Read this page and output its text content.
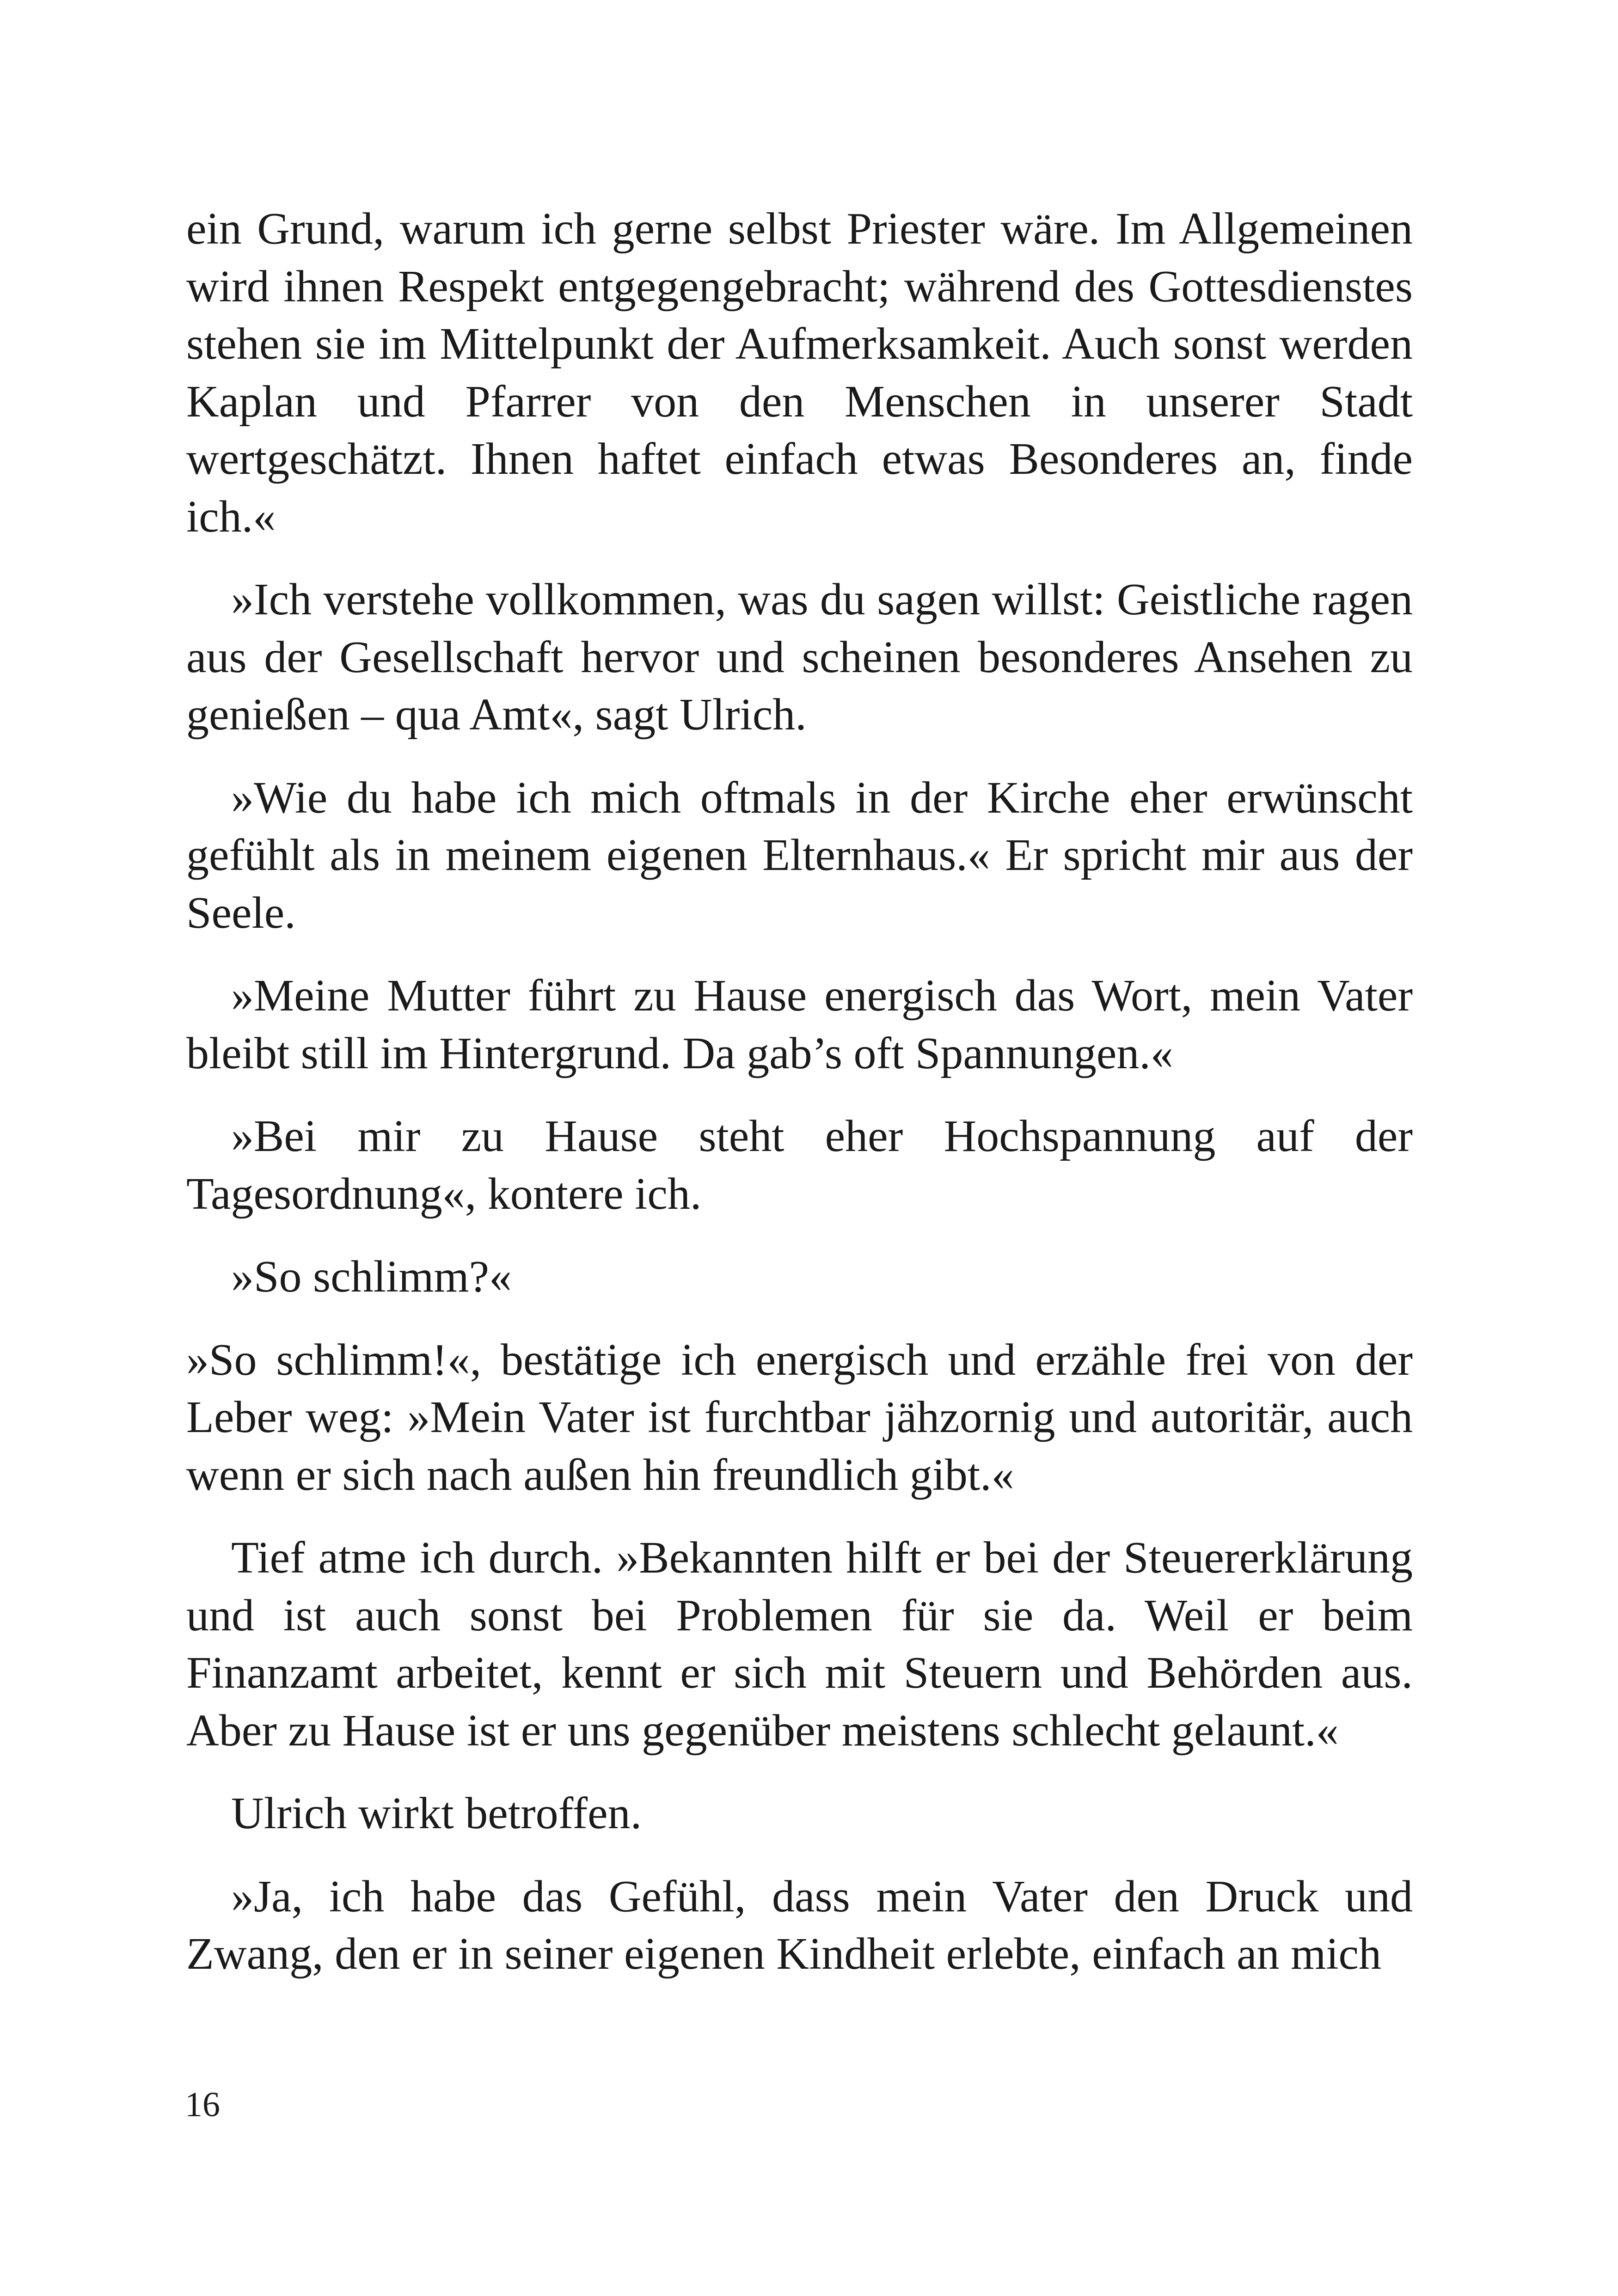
ein Grund, warum ich gerne selbst Priester wäre. Im Allgemeinen wird ihnen Respekt entgegengebracht; während des Gottesdienstes stehen sie im Mittelpunkt der Aufmerksamkeit. Auch sonst werden Kaplan und Pfarrer von den Menschen in unserer Stadt wertgeschätzt. Ihnen haftet einfach etwas Besonderes an, finde ich.«

»Ich verstehe vollkommen, was du sagen willst: Geistliche ragen aus der Gesellschaft hervor und scheinen besonderes Ansehen zu genießen – qua Amt«, sagt Ulrich.

»Wie du habe ich mich oftmals in der Kirche eher erwünscht gefühlt als in meinem eigenen Elternhaus.« Er spricht mir aus der Seele.

»Meine Mutter führt zu Hause energisch das Wort, mein Vater bleibt still im Hintergrund. Da gab’s oft Spannungen.«

»Bei mir zu Hause steht eher Hochspannung auf der Tagesordnung«, kontere ich.

»So schlimm?«

»So schlimm!«, bestätige ich energisch und erzähle frei von der Leber weg: »Mein Vater ist furchtbar jähzornig und autoritär, auch wenn er sich nach außen hin freundlich gibt.«

Tief atme ich durch. »Bekannten hilft er bei der Steuererklärung und ist auch sonst bei Problemen für sie da. Weil er beim Finanzamt arbeitet, kennt er sich mit Steuern und Behörden aus. Aber zu Hause ist er uns gegenüber meistens schlecht gelaunt.«

Ulrich wirkt betroffen.

»Ja, ich habe das Gefühl, dass mein Vater den Druck und Zwang, den er in seiner eigenen Kindheit erlebte, einfach an mich

16
